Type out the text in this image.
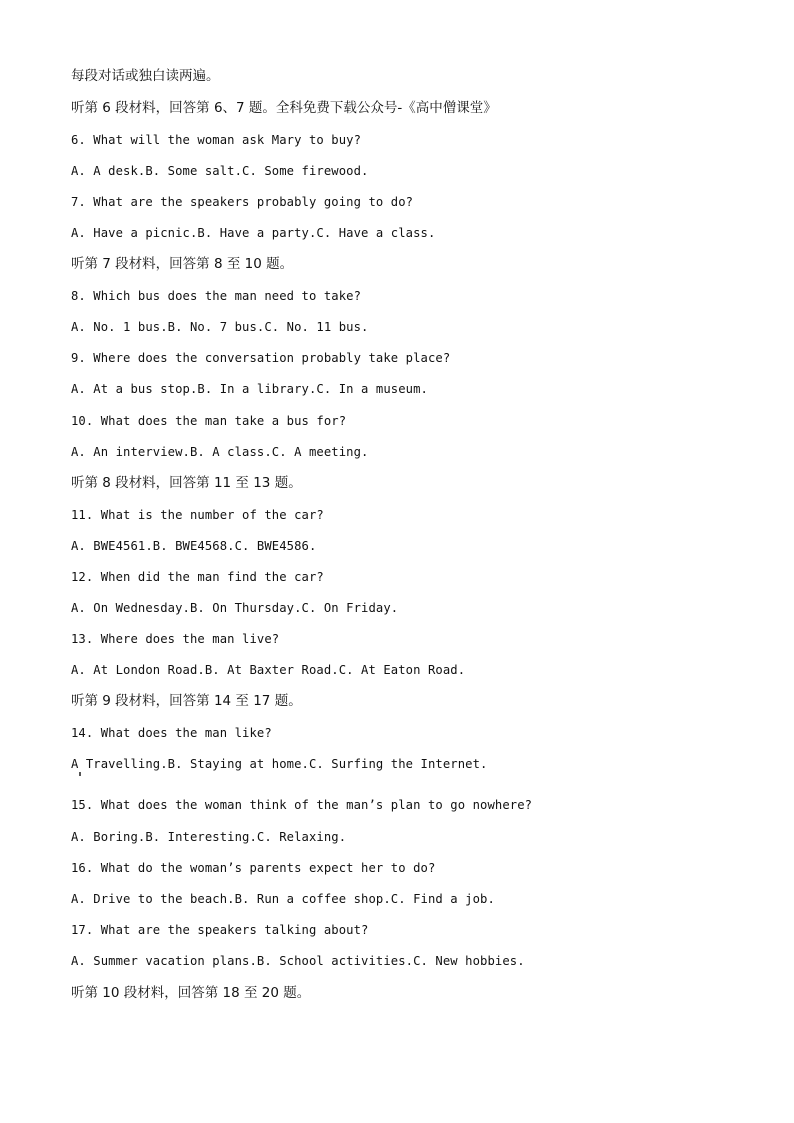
每段对话或独白读两遍。
听第 6 段材料，回答第 6、7 题。全科免费下载公众号-《高中僧课堂》
6. What will the woman ask Mary to buy?
A. A desk.B. Some salt.C. Some firewood.
7. What are the speakers probably going to do?
A. Have a picnic.B. Have a party.C. Have a class.
听第 7 段材料，回答第 8 至 10 题。
8. Which bus does the man need to take?
A. No. 1 bus.B. No. 7 bus.C. No. 11 bus.
9. Where does the conversation probably take place?
A. At a bus stop.B. In a library.C. In a museum.
10. What does the man take a bus for?
A. An interview.B. A class.C. A meeting.
听第 8 段材料，回答第 11 至 13 题。
11. What is the number of the car?
A. BWE4561.B. BWE4568.C. BWE4586.
12. When did the man find the car?
A. On Wednesday.B. On Thursday.C. On Friday.
13. Where does the man live?
A. At London Road.B. At Baxter Road.C. At Eaton Road.
听第 9 段材料，回答第 14 至 17 题。
14. What does the man like?
A Travelling.B. Staying at home.C. Surfing the Internet.
15. What does the woman think of the man’s plan to go nowhere?
A. Boring.B. Interesting.C. Relaxing.
16. What do the woman’s parents expect her to do?
A. Drive to the beach.B. Run a coffee shop.C. Find a job.
17. What are the speakers talking about?
A. Summer vacation plans.B. School activities.C. New hobbies.
听第 10 段材料，回答第 18 至 20 题。
